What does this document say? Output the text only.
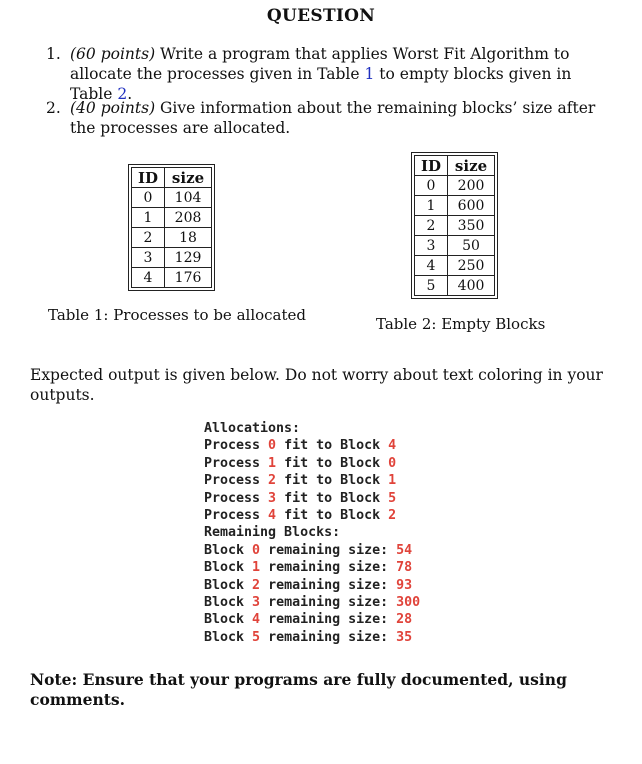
QUESTION
1. (60 points) Write a program that applies Worst Fit Algorithm to allocate the processes given in Table 1 to empty blocks given in Table 2.
2. (40 points) Give information about the remaining blocks’ size after the processes are allocated.
ID	size
0	104
1	208
2	18
3	129
4	176
Table 1: Processes to be allocated
ID	size
0	200
1	600
2	350
3	50
4	250
5	400
Table 2: Empty Blocks
Expected output is given below. Do not worry about text coloring in your outputs.
Allocations:
Process 0 fit to Block 4
Process 1 fit to Block 0
Process 2 fit to Block 1
Process 3 fit to Block 5
Process 4 fit to Block 2
Remaining Blocks:
Block 0 remaining size: 54
Block 1 remaining size: 78
Block 2 remaining size: 93
Block 3 remaining size: 300
Block 4 remaining size: 28
Block 5 remaining size: 35
Note: Ensure that your programs are fully documented, using comments.
